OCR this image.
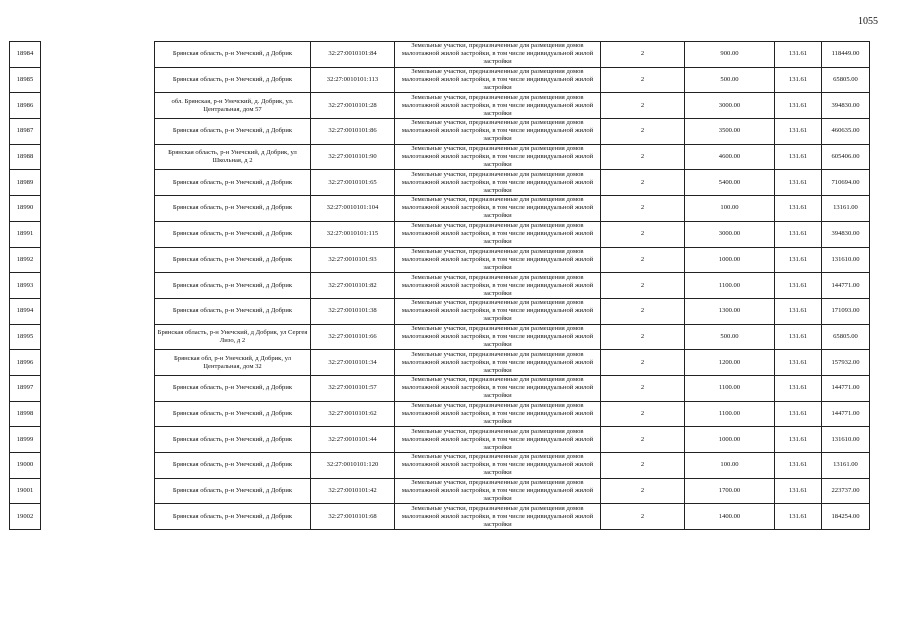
1055
18984		Брянская область, р-н Унечский, д Добрик	32:27:0010101:84	Земельные участки, предназначенные для размещения домов малоэтажной жилой застройки, в том числе индивидуальной жилой застройки	2	900.00	131.61	118449.00
18985		Брянская область, р-н Унечский, д Добрик	32:27:0010101:113	Земельные участки, предназначенные для размещения домов малоэтажной жилой застройки, в том числе индивидуальной жилой застройки	2	500.00	131.61	65805.00
18986		обл. Брянская, р-н Унечский, д. Добрик, ул. Центральная, дом 57	32:27:0010101:28	Земельные участки, предназначенные для размещения домов малоэтажной жилой застройки, в том числе индивидуальной жилой застройки	2	3000.00	131.61	394830.00
18987		Брянская область, р-н Унечский, д Добрик	32:27:0010101:86	Земельные участки, предназначенные для размещения домов малоэтажной жилой застройки, в том числе индивидуальной жилой застройки	2	3500.00	131.61	460635.00
18988		Брянская область, р-н Унечский, д Добрик, ул Школьная, д 2	32:27:0010101:90	Земельные участки, предназначенные для размещения домов малоэтажной жилой застройки, в том числе индивидуальной жилой застройки	2	4600.00	131.61	605406.00
18989		Брянская область, р-н Унечский, д Добрик	32:27:0010101:65	Земельные участки, предназначенные для размещения домов малоэтажной жилой застройки, в том числе индивидуальной жилой застройки	2	5400.00	131.61	710694.00
18990		Брянская область, р-н Унечский, д Добрик	32:27:0010101:104	Земельные участки, предназначенные для размещения домов малоэтажной жилой застройки, в том числе индивидуальной жилой застройки	2	100.00	131.61	13161.00
18991		Брянская область, р-н Унечский, д Добрик	32:27:0010101:115	Земельные участки, предназначенные для размещения домов малоэтажной жилой застройки, в том числе индивидуальной жилой застройки	2	3000.00	131.61	394830.00
18992		Брянская область, р-н Унечский, д Добрик	32:27:0010101:93	Земельные участки, предназначенные для размещения домов малоэтажной жилой застройки, в том числе индивидуальной жилой застройки	2	1000.00	131.61	131610.00
18993		Брянская область, р-н Унечский, д Добрик	32:27:0010101:82	Земельные участки, предназначенные для размещения домов малоэтажной жилой застройки, в том числе индивидуальной жилой застройки	2	1100.00	131.61	144771.00
18994		Брянская область, р-н Унечский, д Добрик	32:27:0010101:38	Земельные участки, предназначенные для размещения домов малоэтажной жилой застройки, в том числе индивидуальной жилой застройки	2	1300.00	131.61	171093.00
18995		Брянская область, р-н Унечский, д Добрик, ул Сергея Лизо, д 2	32:27:0010101:66	Земельные участки, предназначенные для размещения домов малоэтажной жилой застройки, в том числе индивидуальной жилой застройки	2	500.00	131.61	65805.00
18996		Брянская обл, р-н Унечский, д Добрик, ул Центральная, дом 32	32:27:0010101:34	Земельные участки, предназначенные для размещения домов малоэтажной жилой застройки, в том числе индивидуальной жилой застройки	2	1200.00	131.61	157932.00
18997		Брянская область, р-н Унечский, д Добрик	32:27:0010101:57	Земельные участки, предназначенные для размещения домов малоэтажной жилой застройки, в том числе индивидуальной жилой застройки	2	1100.00	131.61	144771.00
18998		Брянская область, р-н Унечский, д Добрик	32:27:0010101:62	Земельные участки, предназначенные для размещения домов малоэтажной жилой застройки, в том числе индивидуальной жилой застройки	2	1100.00	131.61	144771.00
18999		Брянская область, р-н Унечский, д Добрик	32:27:0010101:44	Земельные участки, предназначенные для размещения домов малоэтажной жилой застройки, в том числе индивидуальной жилой застройки	2	1000.00	131.61	131610.00
19000		Брянская область, р-н Унечский, д Добрик	32:27:0010101:120	Земельные участки, предназначенные для размещения домов малоэтажной жилой застройки, в том числе индивидуальной жилой застройки	2	100.00	131.61	13161.00
19001		Брянская область, р-н Унечский, д Добрик	32:27:0010101:42	Земельные участки, предназначенные для размещения домов малоэтажной жилой застройки, в том числе индивидуальной жилой застройки	2	1700.00	131.61	223737.00
19002		Брянская область, р-н Унечский, д Добрик	32:27:0010101:68	Земельные участки, предназначенные для размещения домов малоэтажной жилой застройки, в том числе индивидуальной жилой застройки	2	1400.00	131.61	184254.00
